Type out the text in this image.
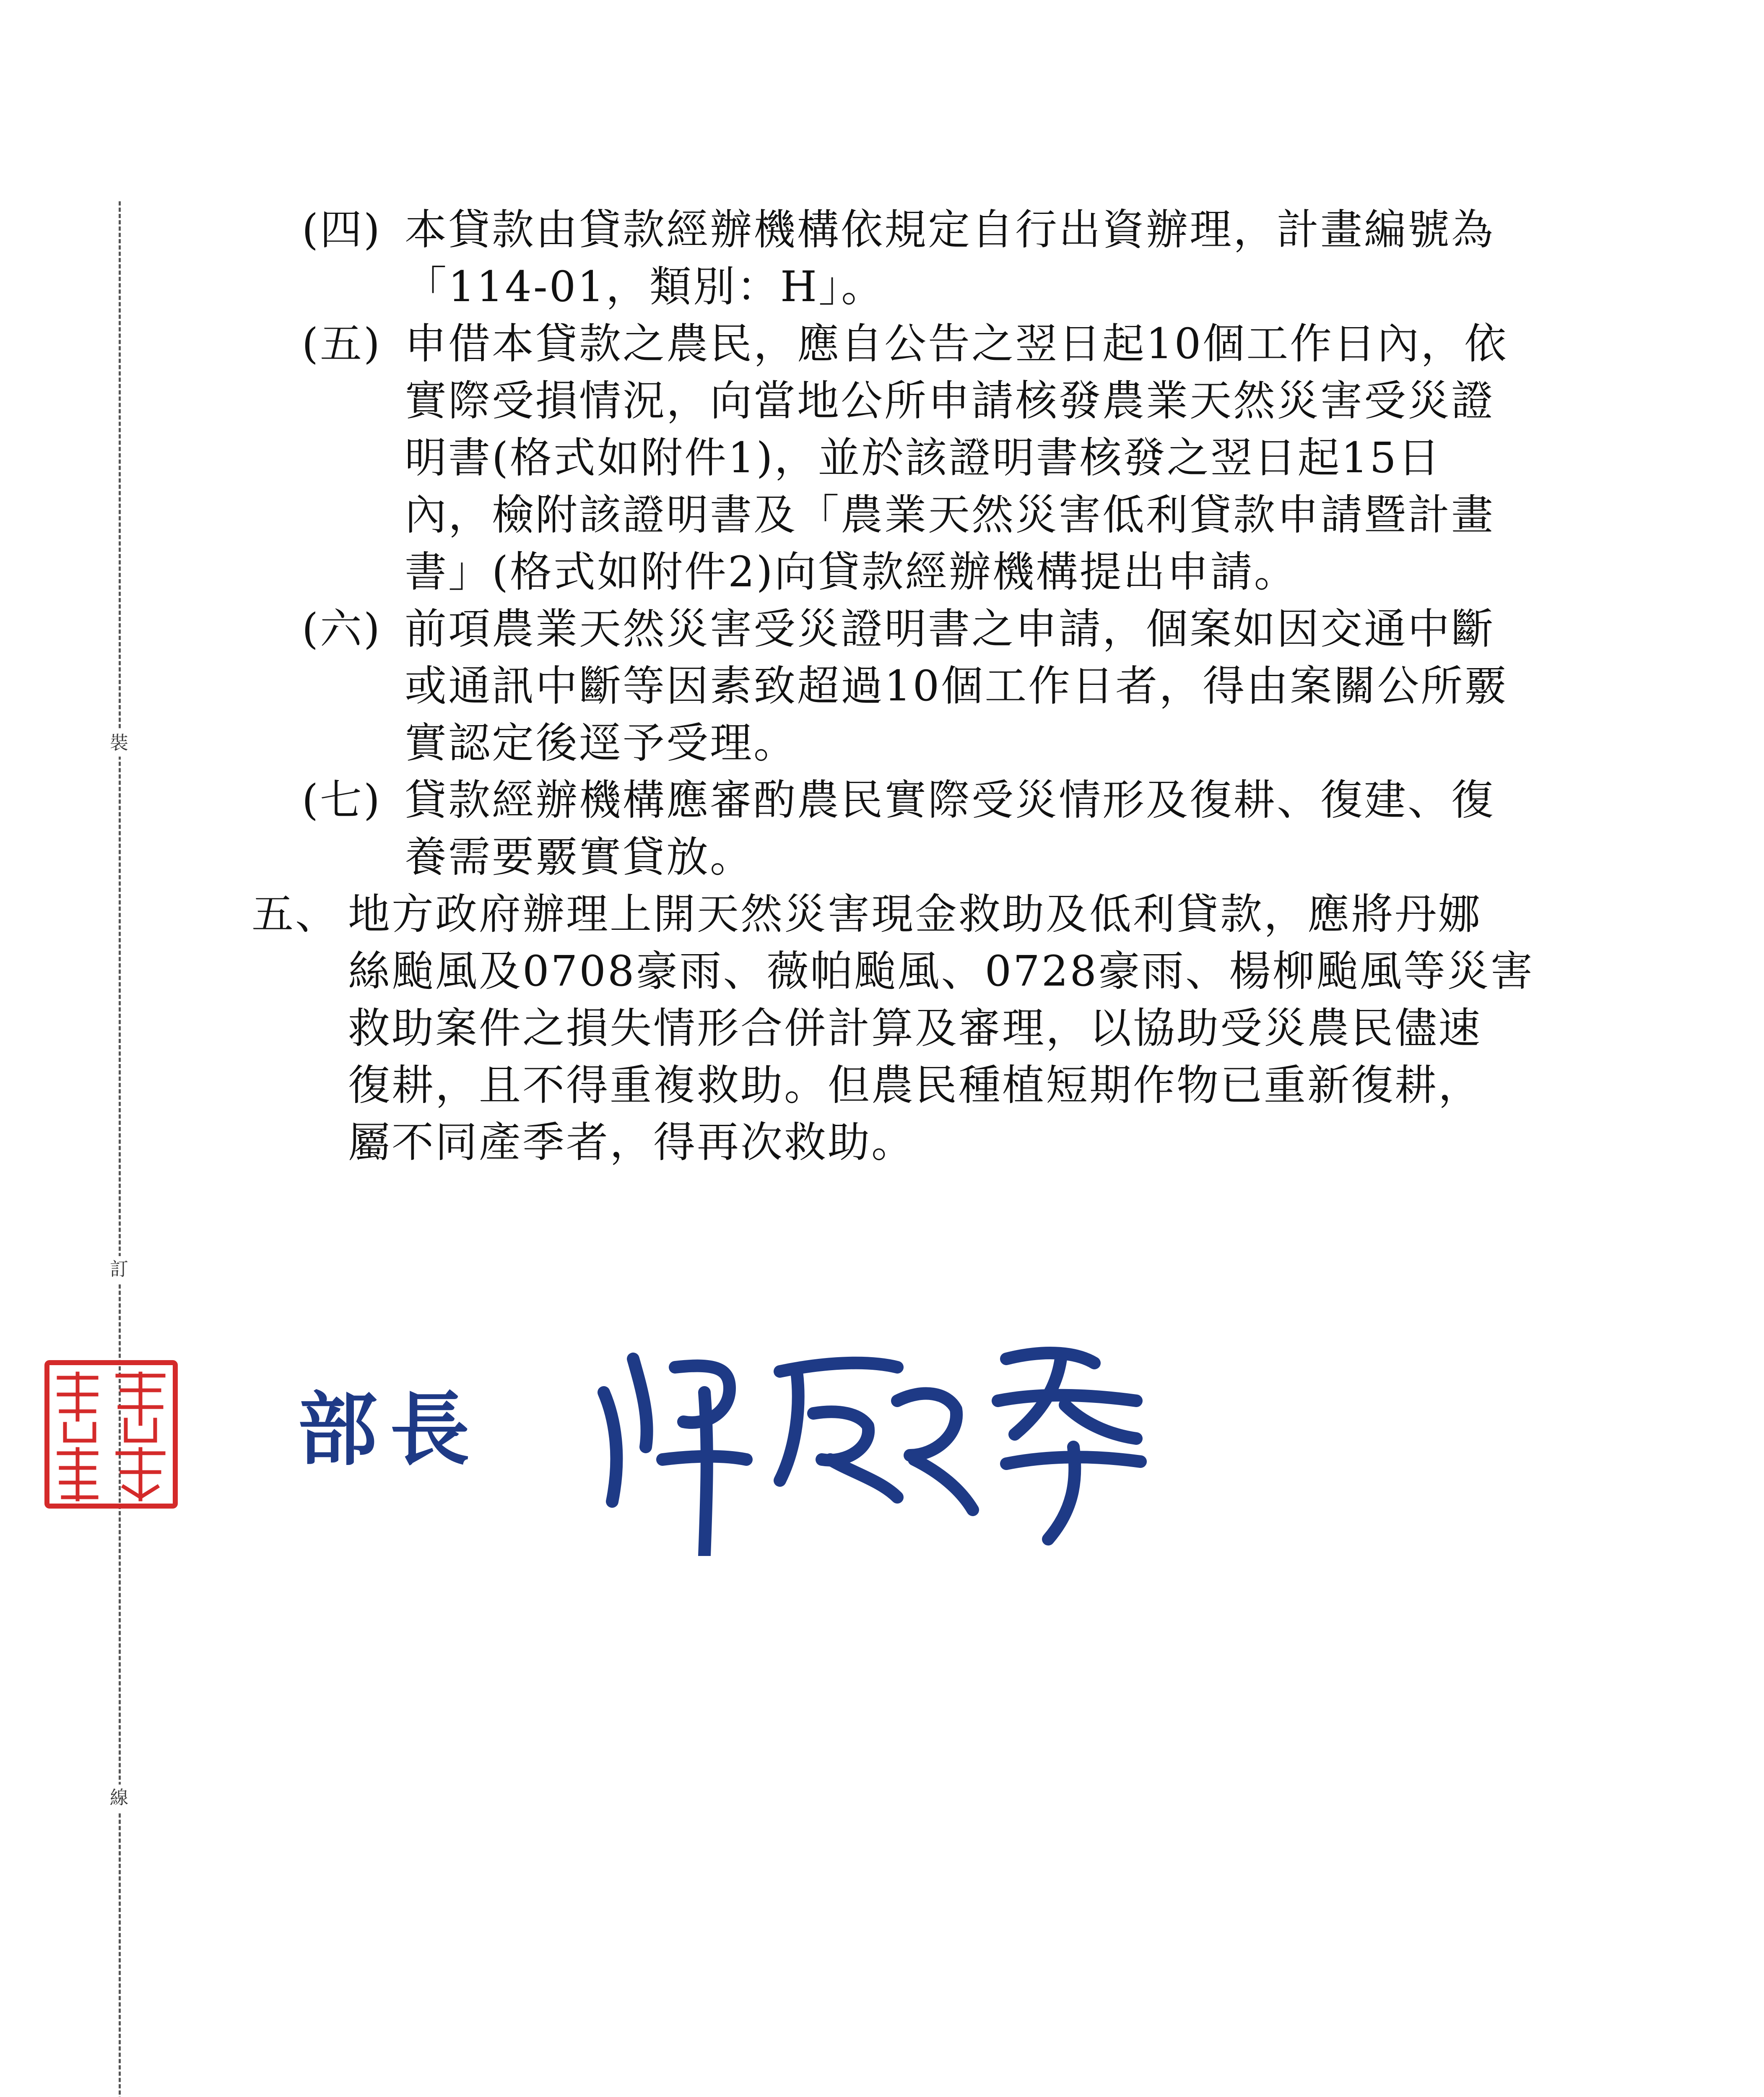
裝
訂
線
(四) 本貸款由貸款經辦機構依規定自行出資辦理，計畫編號為
「114-01，類別：H」。
(五) 申借本貸款之農民，應自公告之翌日起10個工作日內，依
實際受損情況，向當地公所申請核發農業天然災害受災證
明書(格式如附件1)，並於該證明書核發之翌日起15日
內，檢附該證明書及「農業天然災害低利貸款申請暨計畫
書」(格式如附件2)向貸款經辦機構提出申請。
(六) 前項農業天然災害受災證明書之申請，個案如因交通中斷
或通訊中斷等因素致超過10個工作日者，得由案關公所覈
實認定後逕予受理。
(七) 貸款經辦機構應審酌農民實際受災情形及復耕、復建、復
養需要覈實貸放。
五、 地方政府辦理上開天然災害現金救助及低利貸款，應將丹娜
絲颱風及0708豪雨、薇帕颱風、0728豪雨、楊柳颱風等災害
救助案件之損失情形合併計算及審理，以協助受災農民儘速
復耕，且不得重複救助。但農民種植短期作物已重新復耕，
屬不同產季者，得再次救助。
部長
